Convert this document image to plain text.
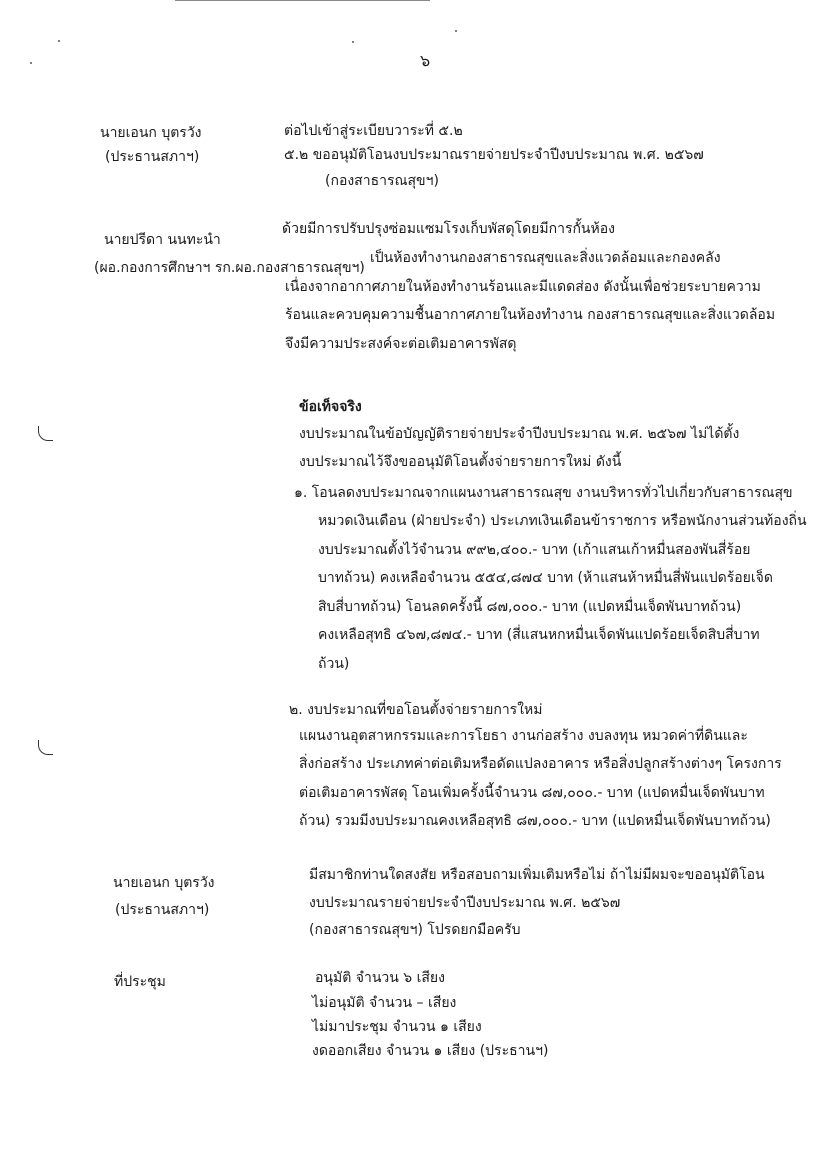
๖
นายเอนก บุตรวัง
(ประธานสภาฯ)
ต่อไปเข้าสู่ระเบียบวาระที่ ๕.๒
๕.๒ ขออนุมัติโอนงบประมาณรายจ่ายประจำปีงบประมาณ พ.ศ. ๒๕๖๗
(กองสาธารณสุขฯ)
นายปรีดา นนทะนำ
(ผอ.กองการศึกษาฯ รก.ผอ.กองสาธารณสุขฯ)
ด้วยมีการปรับปรุงซ่อมแซมโรงเก็บพัสดุโดยมีการกั้นห้อง
เป็นห้องทำงานกองสาธารณสุขและสิ่งแวดล้อมและกองคลัง
เนื่องจากอากาศภายในห้องทำงานร้อนและมีแดดส่อง ดังนั้นเพื่อช่วยระบายความ
ร้อนและควบคุมความชื้นอากาศภายในห้องทำงาน กองสาธารณสุขและสิ่งแวดล้อม
จึงมีความประสงค์จะต่อเติมอาคารพัสดุ
ข้อเท็จจริง
งบประมาณในข้อบัญญัติรายจ่ายประจำปีงบประมาณ พ.ศ. ๒๕๖๗ ไม่ได้ตั้ง
งบประมาณไว้จึงขออนุมัติโอนตั้งจ่ายรายการใหม่ ดังนี้
๑. โอนลดงบประมาณจากแผนงานสาธารณสุข งานบริหารทั่วไปเกี่ยวกับสาธารณสุข
หมวดเงินเดือน (ฝ่ายประจำ) ประเภทเงินเดือนข้าราชการ หรือพนักงานส่วนท้องถิ่น
งบประมาณตั้งไว้จำนวน ๙๙๒,๔๐๐.- บาท (เก้าแสนเก้าหมื่นสองพันสี่ร้อย
บาทถ้วน) คงเหลือจำนวน ๕๕๔,๘๗๔ บาท (ห้าแสนห้าหมื่นสี่พันแปดร้อยเจ็ด
สิบสี่บาทถ้วน) โอนลดครั้งนี้ ๘๗,๐๐๐.- บาท (แปดหมื่นเจ็ดพันบาทถ้วน)
คงเหลือสุทธิ ๔๖๗,๘๗๔.- บาท (สี่แสนหกหมื่นเจ็ดพันแปดร้อยเจ็ดสิบสี่บาท
ถ้วน)
๒. งบประมาณที่ขอโอนตั้งจ่ายรายการใหม่
แผนงานอุตสาหกรรมและการโยธา งานก่อสร้าง งบลงทุน หมวดค่าที่ดินและ
สิ่งก่อสร้าง ประเภทค่าต่อเติมหรือดัดแปลงอาคาร หรือสิ่งปลูกสร้างต่างๆ โครงการ
ต่อเติมอาคารพัสดุ โอนเพิ่มครั้งนี้จำนวน ๘๗,๐๐๐.- บาท (แปดหมื่นเจ็ดพันบาท
ถ้วน) รวมมีงบประมาณคงเหลือสุทธิ ๘๗,๐๐๐.- บาท (แปดหมื่นเจ็ดพันบาทถ้วน)
นายเอนก บุตรวัง
(ประธานสภาฯ)
มีสมาชิกท่านใดสงสัย หรือสอบถามเพิ่มเติมหรือไม่ ถ้าไม่มีผมจะขออนุมัติโอน
งบประมาณรายจ่ายประจำปีงบประมาณ พ.ศ. ๒๕๖๗
(กองสาธารณสุขฯ) โปรดยกมือครับ
ที่ประชุม	อนุมัติ จำนวน ๖ เสียง
ไม่อนุมัติ จำนวน – เสียง
ไม่มาประชุม จำนวน ๑ เสียง
งดออกเสียง จำนวน ๑ เสียง (ประธานฯ)
